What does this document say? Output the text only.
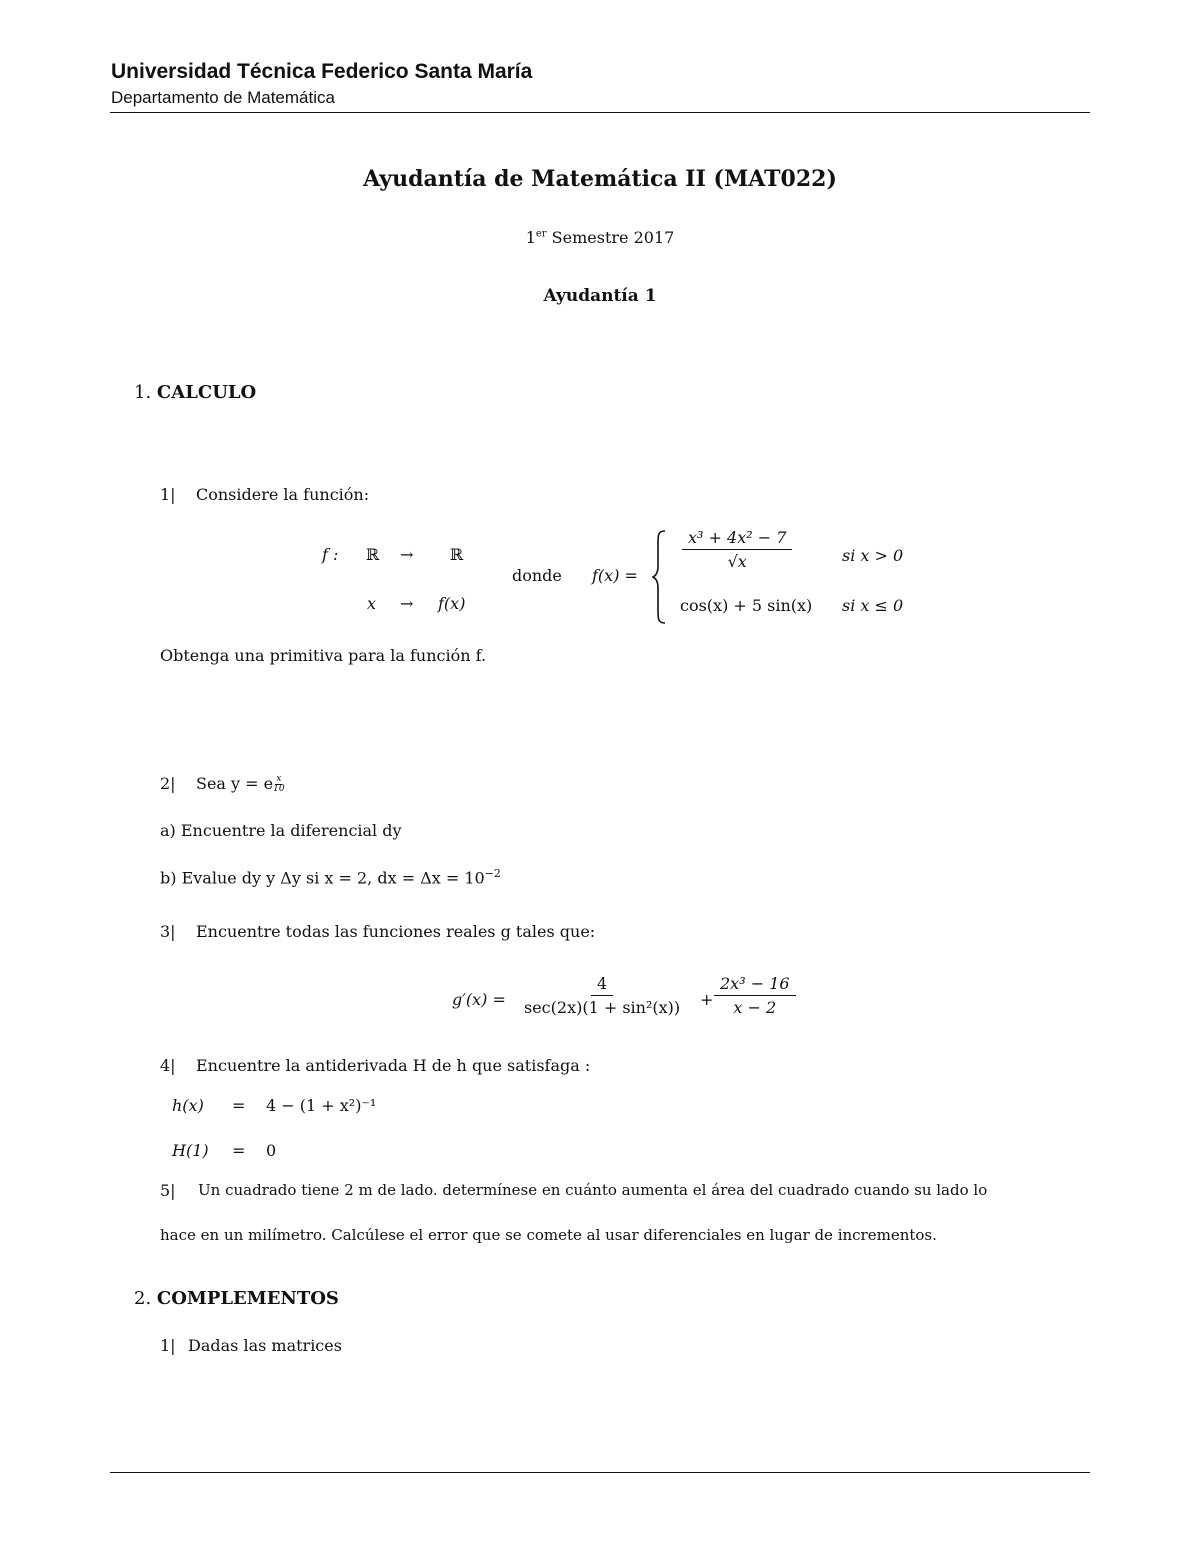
Universidad Técnica Federico Santa María
Departamento de Matemática
Ayudantía de Matemática II (MAT022)
1er Semestre 2017
Ayudantía 1
1. CALCULO
1| Considere la función:
f : ℝ → ℝ
x → f(x)
donde f(x) =
$\frac{\text{x³ + 4x² − 7}}{√x}$	si x > 0
cos(x) + 5 sin(x) si x ≤ 0
Obtenga una primitiva para la función f.
2| Sea y = e $\frac{x}{10}$
a) Encuentre la diferencial dy
b) Evalue dy y Δy si x = 2, dx = $\Delta x = 10^{-2}$
3| Encuentre todas las funciones reales g tales que:
$g'(x) = \frac{4}{\text{sec(2x)(1 + sin²(x))}} + \frac{\text{2x³ − 16}}{x - 2}$
4| Encuentre la antiderivada H de h que satisfaga :
h(x) = 4 − (1 + x²)⁻¹
H(1) = 0
5| Un cuadrado tiene 2 m de lado. determínese en cuánto aumenta el área del cuadrado cuando su lado lo
hace en un milímetro. Calcúlese el error que se comete al usar diferenciales en lugar de incrementos.
2. COMPLEMENTOS
1| Dadas las matrices
